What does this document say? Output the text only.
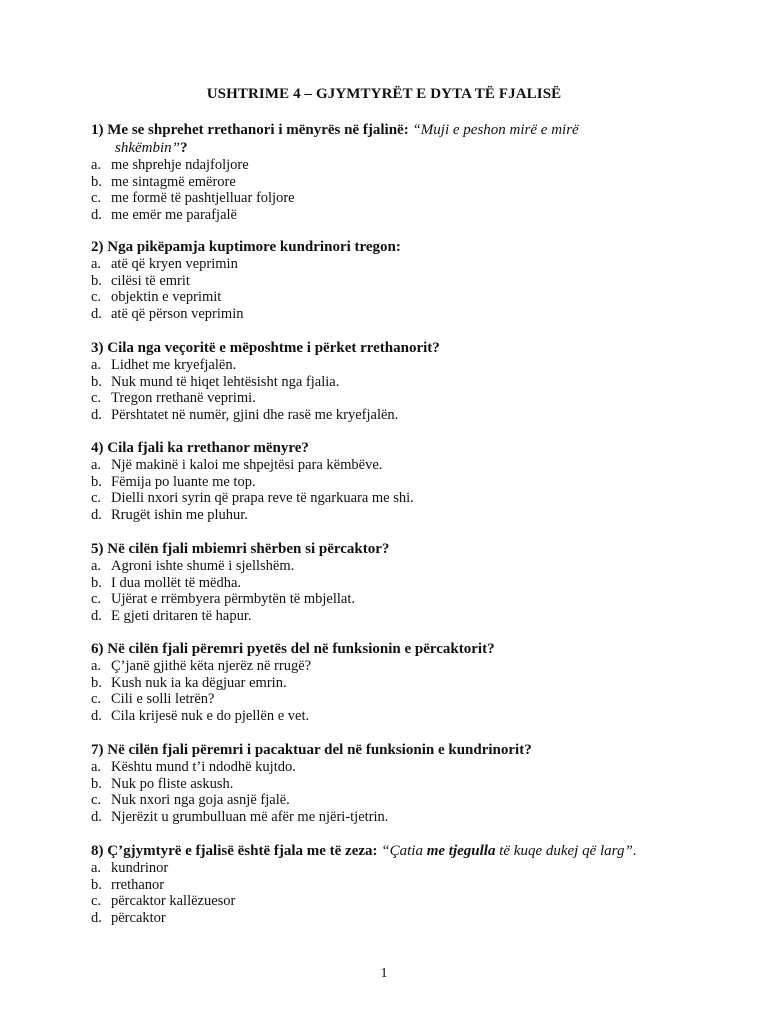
USHTRIME 4 – GJYMTYRËT E DYTA TË FJALISË
1) Me se shprehet rrethanori i mënyrës në fjalinë: “Muji e peshon mirë e mirë
shkëmbin”?
a. me shprehje ndajfoljore
b. me sintagmë emërore
c. me formë të pashtjelluar foljore
d. me emër me parafjalë
2) Nga pikëpamja kuptimore kundrinori tregon:
a. atë që kryen veprimin
b. cilësi të emrit
c. objektin e veprimit
d. atë që përson veprimin
3) Cila nga veçoritë e mëposhtme i përket rrethanorit?
a. Lidhet me kryefjalën.
b. Nuk mund të hiqet lehtësisht nga fjalia.
c. Tregon rrethanë veprimi.
d. Përshtatet në numër, gjini dhe rasë me kryefjalën.
4) Cila fjali ka rrethanor mënyre?
a. Një makinë i kaloi me shpejtësi para këmbëve.
b. Fëmija po luante me top.
c. Dielli nxori syrin që prapa reve të ngarkuara me shi.
d. Rrugët ishin me pluhur.
5) Në cilën fjali mbiemri shërben si përcaktor?
a. Agroni ishte shumë i sjellshëm.
b. I dua mollët të mëdha.
c. Ujërat e rrëmbyera përmbytën të mbjellat.
d. E gjeti dritaren të hapur.
6) Në cilën fjali përemri pyetës del në funksionin e përcaktorit?
a. Ç’janë gjithë këta njerëz në rrugë?
b. Kush nuk ia ka dëgjuar emrin.
c. Cili e solli letrën?
d. Cila krijesë nuk e do pjellën e vet.
7) Në cilën fjali përemri i pacaktuar del në funksionin e kundrinorit?
a. Kështu mund t’i ndodhë kujtdo.
b. Nuk po fliste askush.
c. Nuk nxori nga goja asnjë fjalë.
d. Njerëzit u grumbulluan më afër me njëri-tjetrin.
8) Ç’gjymtyrë e fjalisë është fjala me të zeza: “Çatia me tjegulla të kuqe dukej që larg”.
a. kundrinor
b. rrethanor
c. përcaktor kallëzuesor
d. përcaktor
1
